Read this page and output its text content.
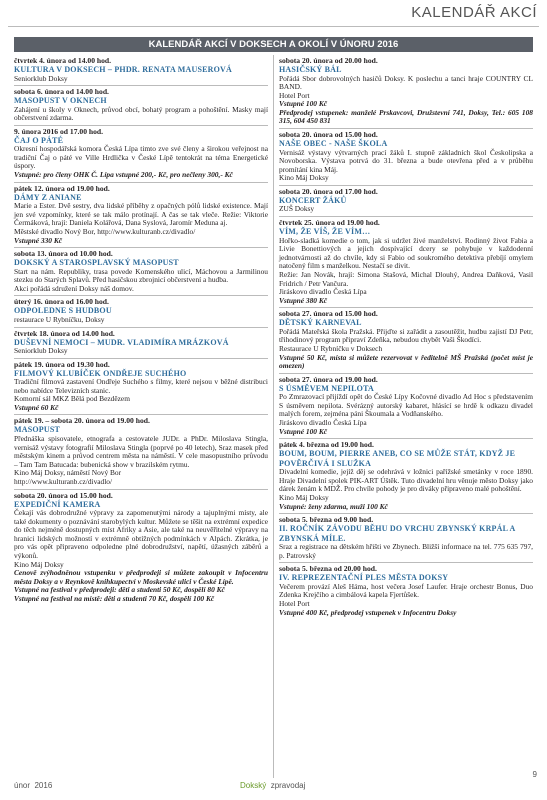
KALENDÁŘ AKCÍ
KALENDÁŘ AKCÍ V DOKSECH A OKOLÍ V ÚNORU 2016
čtvrtek 4. února od 14.00 hod.
KULTURA V DOKSECH – PHDR. RENATA MAUSEROVÁ
Seniorklub Doksy
sobota 6. února od 14.00 hod.
MASOPUST V OKNECH
Zahájení u školy v Oknech, průvod obcí, bohatý program a pohoštění. Masky mají občerstvení zdarma.
9. února 2016 od 17.00 hod.
ČAJ O PÁTÉ
Okresní hospodářská komora Česká Lípa timto zve své členy a širokou veřejnost na tradiční Čaj o páté ve Ville Hrdlička v České Lípě tentokrát na téma Energetické úspory.
Vstupné: pro členy OHK Č. Lípa vstupné 200,- Kč, pro nečleny 300,- Kč
pátek 12. února od 19.00 hod.
DÁMY Z ANIANE
Marie a Ester. Dvě sestry, dva lidské příběhy z opačných pólů lidské existence. Mají jen své vzpomínky, které se tak málo protínají. A čas se tak vleče. Režie: Viktorie Čermáková, hrají: Daniela Kolářová, Dana Syslová, Jaromír Meduna aj.
Městské divadlo Nový Bor, http://www.kulturanb.cz/divadlo/
Vstupné 330 Kč
sobota 13. února od 10.00 hod.
DOKSKÝ A STAROSPLAVSKÝ MASOPUST
Start na nám. Republiky, trasa povede Komenského ulicí, Máchovou a Jarmilinou stezku do Starých Splavů. Před hasičskou zbrojnicí občerstvení a hudba.
Akci pořádá sdružení Doksy náš domov.
úterý 16. února od 16.00 hod.
ODPOLEDNE S HUDBOU
restaurace U Rybníčku, Doksy
čtvrtek 18. února od 14.00 hod.
DUŠEVNÍ NEMOCI – MUDR. VLADIMÍRA MRÁZKOVÁ
Seniorklub Doksy
pátek 19. února od 19.30 hod.
FILMOVÝ KLUBÍČEK ONDŘEJE SUCHÉHO
Tradiční filmová zastavení Ondřeje Suchého s filmy, které nejsou v běžné distribuci nebo nabídce Televizních stanic.
Komorní sál MKZ Bělá pod Bezdězem
Vstupné 60 Kč
pátek 19. – sobota 20. února od 19.00 hod.
MASOPUST
Přednáška spisovatele, etnografa a cestovatele JUDr. a PhDr. Miloslava Stingla, vernisáž výstavy fotografií Miloslava Stingla (poprvé po 40 letech), Sraz masek před městským kinem a průvod centrem města na náměstí. V cele masopustního průvodu – Tam Tam Batucada: bubenická show v brazilském rytmu.
Kino Máj Doksy, náměstí Nový Bor
http://www.kulturanb.cz/divadlo/
sobota 20. února od 15.00 hod.
EXPEDIČNÍ KAMERA
Čekají vás dobrodružné výpravy za zapomenutými národy a tajuplnými místy, ale také dokumenty o poznávání starobylých kultur. Můžete se těšit na extrémní expedice do těch nejméně dostupných míst Afriky a Asie, ale také na neuvěřitelné výpravy na hranici lidských možností v extrémně obtížných podmínkách v Alpách. Zkrátka, je pro vás opět připraveno odpoledne plné dobrodružství, napětí, úžasných záběrů a výkonů.
Kino Máj Doksy
Cenově zvýhodněnou vstupenku v předprodeji si můžete zakoupit v Infocentru města Doksy a v Reynkově knihkupectví v Moskevské ulici v České Lípě.
Vstupné na festival v předprodeji: děti a studenti 50 Kč, dospělí 80 Kč
Vstupné na festival na místě: děti a studenti 70 Kč, dospělí 100 Kč
sobota 20. února od 20.00 hod.
HASIČSKÝ BÁL
Pořádá Sbor dobrovolných hasičů Doksy. K poslechu a tanci hraje COUNTRY CL BAND.
Hotel Port
Vstupné 100 Kč
Předprodej vstupenek: manželé Prskavcovi, Družstevní 741, Doksy, Tel.: 605 108 315, 604 450 831
sobota 20. února od 15.00 hod.
NAŠE OBEC - NAŠE ŠKOLA
Vernisáž výstavy výtvarných prací žáků I. stupně základních škol Českolipska a Novoborska. Výstava potrvá do 31. března a bude otevřena před a v průběhu promítání kina Máj.
Kino Máj Doksy
sobota 20. února od 17.00 hod.
KONCERT ŽÁKŮ
ZUŠ Doksy
čtvrtek 25. února od 19.00 hod.
VÍM, ŽE VÍŠ, ŽE VÍM…
Hořko-sladká komedie o tom, jak si udržet živé manželství. Rodinný život Fabia a Livie Bonettiových a jejich dospívající dcery se pohybuje v každodenní jednotvárnosti až do chvíle, kdy si Fabio od soukromého detektiva přebíjí omylem natočený film s manželkou. Nestačí se divit.
Režie: Jan Novák, hrají: Simona Stašová, Michal Dlouhý, Andrea Daňková, Vasil Fridrich / Petr Vančura.
Jiráskovo divadlo Česká Lípa
Vstupné 380 Kč
sobota 27. února od 15.00 hod.
DĚTSKÝ KARNEVAL
Pořádá Mateřská škola Pražská. Přijďte si zařádit a zasoutěžit, hudbu zajistí DJ Petr, třihodinový program připraví Zdeňka, nebudou chybět Vaši Škodíci.
Restaurace U Rybníčku v Doksech
Vstupné 50 Kč, místa si můžete rezervovat v ředitelně MŠ Pražská (počet míst je omezen)
sobota 27. února od 19.00 hod.
S ÚSMĚVEM NEPILOTA
Po Zmrazovací přijíždí opět do České Lípy Kočovné divadlo Ad Hoc s představením S úsměvem nepilota. Svérázný autorský kabaret, hlásící se hrdě k odkazu divadel malých forem, zejména páni Škoumala a Vodňanského.
Jiráskovo divadlo Česká Lípa
Vstupné 100 Kč
pátek 4. března od 19.00 hod.
BOUM, BOUM, PIERRE ANEB, CO SE MŮŽE STÁT, KDYŽ JE POVĚRČIVÁ I SLUŽKA
Divadelní komedie, jejíž děj se odehrává v ložnici pařížské smetánky v roce 1890. Hraje Divadelní spolek PIK-ART Úštěk. Tuto divadelní hru věnuje město Doksy jako dárek ženám k MDŽ. Pro chvíle pohody je pro diváky připraveno malé pohoštění.
Kino Máj Doksy
Vstupné: ženy zdarma, muži 100 Kč
sobota 5. března od 9.00 hod.
II. ROČNÍK ZÁVODU BĚHU DO VRCHU ZBYNSKÝ KRPÁL A ZBYNSKÁ MÍLE.
Sraz a registrace na dětském hřišti ve Zbynech. Bližší informace na tel. 775 635 797, p. Patrovský
sobota 5. března od 20.00 hod.
IV. REPREZENTAČNÍ PLES MĚSTA DOKSY
Večerem provází Aleš Háma, host večera Josef Laufer. Hraje orchestr Bonus, Duo Zdenka Krejčího a cimbálová kapela Fjertůšek.
Hotel Port
Vstupné 400 Kč, předprodej vstupenek v Infocentru Doksy
9
únor 2016	Dokský zpravodaj
